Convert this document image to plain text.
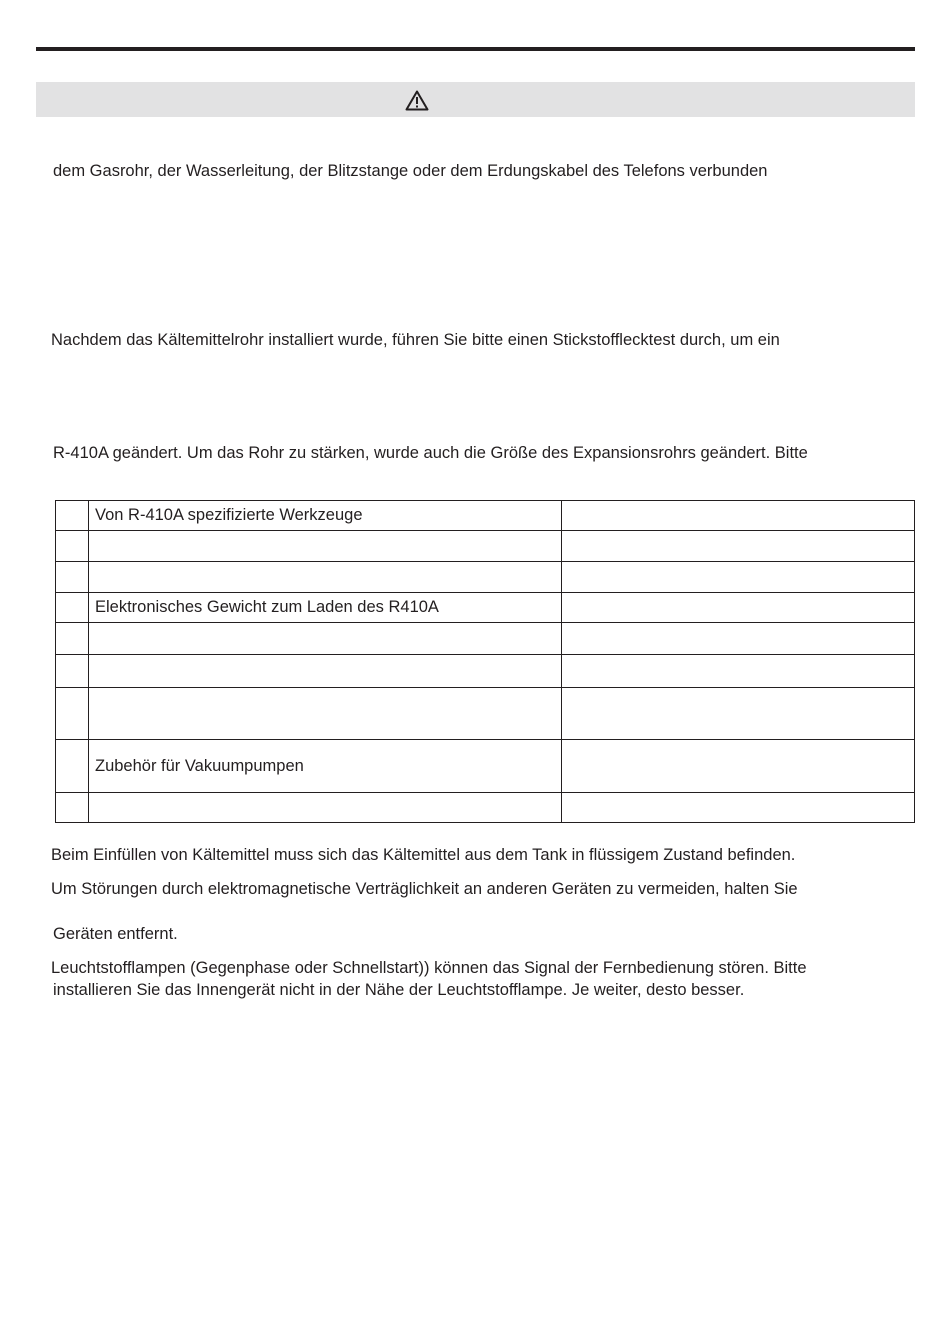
dem Gasrohr, der Wasserleitung, der Blitzstange oder dem Erdungskabel des Telefons verbunden
Nachdem das Kältemittelrohr installiert wurde, führen Sie bitte einen Stickstofflecktest durch, um ein
R-410A geändert. Um das Rohr zu stärken, wurde auch die Größe des Expansionsrohrs geändert. Bitte
	Von R-410A spezifizierte Werkzeuge	

	Elektronisches Gewicht zum Laden des R410A	

	Zubehör für Vakuumpumpen	

Beim Einfüllen von Kältemittel muss sich das Kältemittel aus dem Tank in flüssigem Zustand befinden.
Um Störungen durch elektromagnetische Verträglichkeit an anderen Geräten zu vermeiden, halten Sie
Geräten entfernt.
Leuchtstofflampen (Gegenphase oder Schnellstart)) können das Signal der Fernbedienung stören. Bitte
installieren Sie das Innengerät nicht in der Nähe der Leuchtstofflampe. Je weiter, desto besser.
